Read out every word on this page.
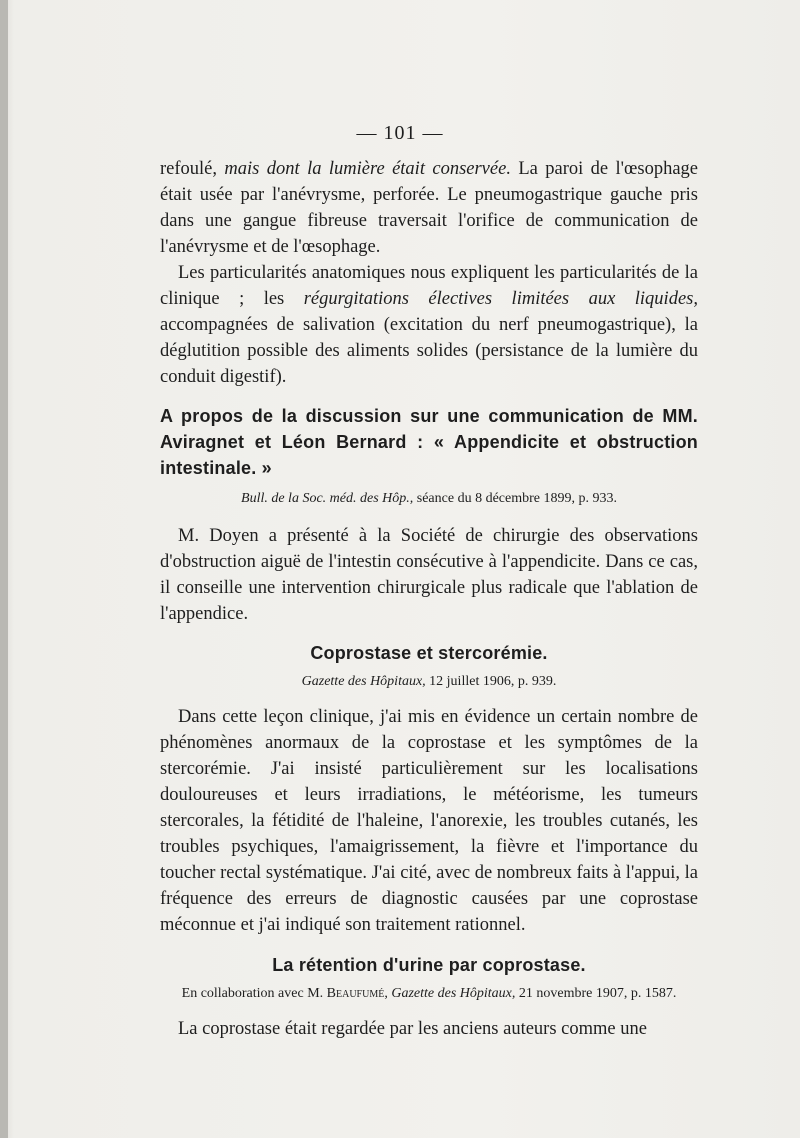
— 101 —

refoulé, mais dont la lumière était conservée. La paroi de l'œsophage était usée par l'anévrysme, perforée. Le pneumogastrique gauche pris dans une gangue fibreuse traversait l'orifice de communication de l'anévrysme et de l'œsophage.

Les particularités anatomiques nous expliquent les particularités de la clinique ; les régurgitations électives limitées aux liquides, accompagnées de salivation (excitation du nerf pneumogastrique), la déglutition possible des aliments solides (persistance de la lumière du conduit digestif).

A propos de la discussion sur une communication de MM. Aviragnet et Léon Bernard : « Appendicite et obstruction intestinale. »

Bull. de la Soc. méd. des Hôp., séance du 8 décembre 1899, p. 933.

M. Doyen a présenté à la Société de chirurgie des observations d'obstruction aiguë de l'intestin consécutive à l'appendicite. Dans ce cas, il conseille une intervention chirurgicale plus radicale que l'ablation de l'appendice.

Coprostase et stercorémie.

Gazette des Hôpitaux, 12 juillet 1906, p. 939.

Dans cette leçon clinique, j'ai mis en évidence un certain nombre de phénomènes anormaux de la coprostase et les symptômes de la stercorémie. J'ai insisté particulièrement sur les localisations douloureuses et leurs irradiations, le météorisme, les tumeurs stercorales, la fétidité de l'haleine, l'anorexie, les troubles cutanés, les troubles psychiques, l'amaigrissement, la fièvre et l'importance du toucher rectal systématique. J'ai cité, avec de nombreux faits à l'appui, la fréquence des erreurs de diagnostic causées par une coprostase méconnue et j'ai indiqué son traitement rationnel.

La rétention d'urine par coprostase.

En collaboration avec M. Beaufumé, Gazette des Hôpitaux, 21 novembre 1907, p. 1587.

La coprostase était regardée par les anciens auteurs comme une
